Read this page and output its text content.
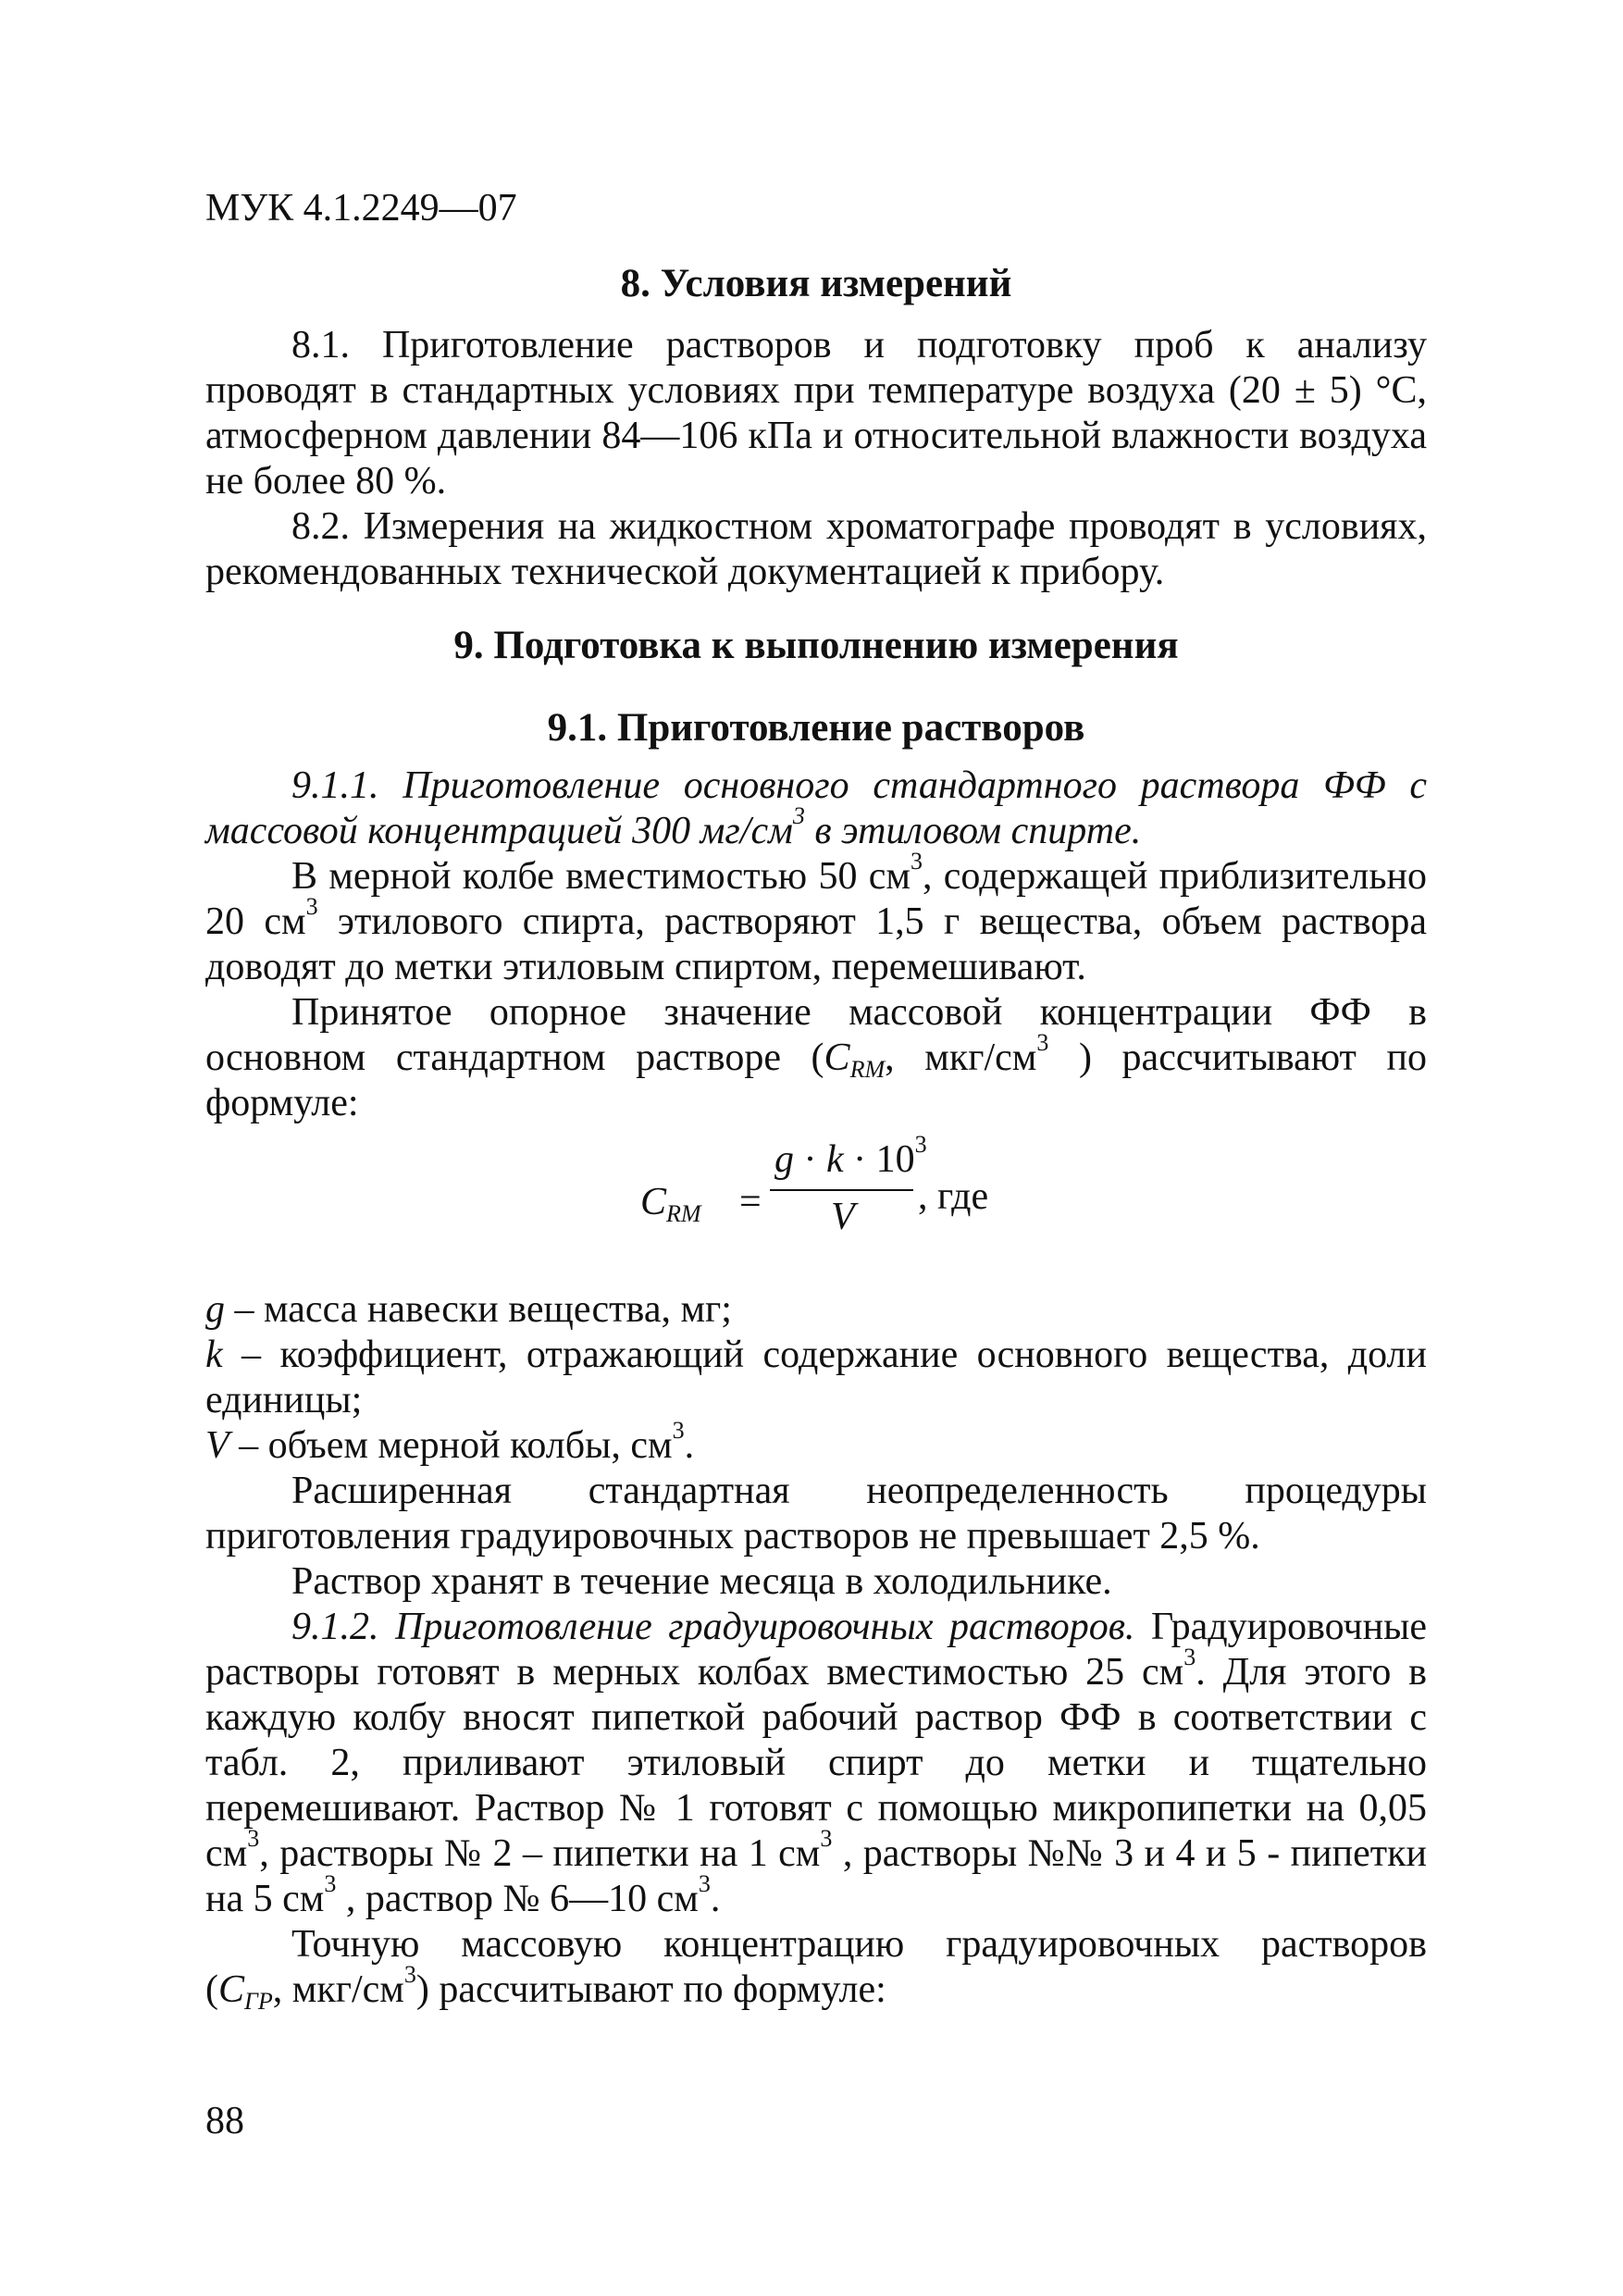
МУК 4.1.2249—07
8. Условия измерений

8.1. Приготовление растворов и подготовку проб к анализу проводят в стандартных условиях при температуре воздуха (20 ± 5) °С, атмосферном давлении 84—106 кПа и относительной влажности воздуха не более 80 %.

8.2. Измерения на жидкостном хроматографе проводят в условиях, рекомендованных технической документацией к прибору.

9. Подготовка к выполнению измерения
9.1. Приготовление растворов

9.1.1. Приготовление основного стандартного раствора ФФ с массовой концентрацией 300 $мг/см^3$ в этиловом спирте.

В мерной колбе вместимостью 50 $см^3$, содержащей приблизительно 20 $см^3$ этилового спирта, растворяют 1,5 г вещества, объем раствора доводят до метки этиловым спиртом, перемешивают.

Принятое опорное значение массовой концентрации ФФ в основном стандартном растворе ($C_{RM}$, мкг/$см^3$ ) рассчитывают по формуле:

$C_{RM}$ =
$g \cdot k \cdot 10^3$
V , где

g – масса навески вещества, мг;

k – коэффициент, отражающий содержание основного вещества, доли единицы;

V – объем мерной колбы, $см^3$.

Расширенная стандартная неопределенность процедуры приготовления градуировочных растворов не превышает 2,5 %.

Раствор хранят в течение месяца в холодильнике.

9.1.2. Приготовление градуировочных растворов. Градуировочные растворы готовят в мерных колбах вместимостью 25 $см^3$. Для этого в каждую колбу вносят пипеткой рабочий раствор ФФ в соответствии с табл. 2, приливают этиловый спирт до метки и тщательно перемешивают. Раствор № 1 готовят с помощью микропипетки на 0,05 $см^3$, растворы № 2 – пипетки на 1 $см^3$ , растворы №№ 3 и 4 и 5 - пипетки на 5 $см^3$ , раствор № 6—10 $см^3$.

Точную массовую концентрацию градуировочных растворов

($C_{ГР}$, мкг/$см^3$) рассчитывают по формуле:

88
